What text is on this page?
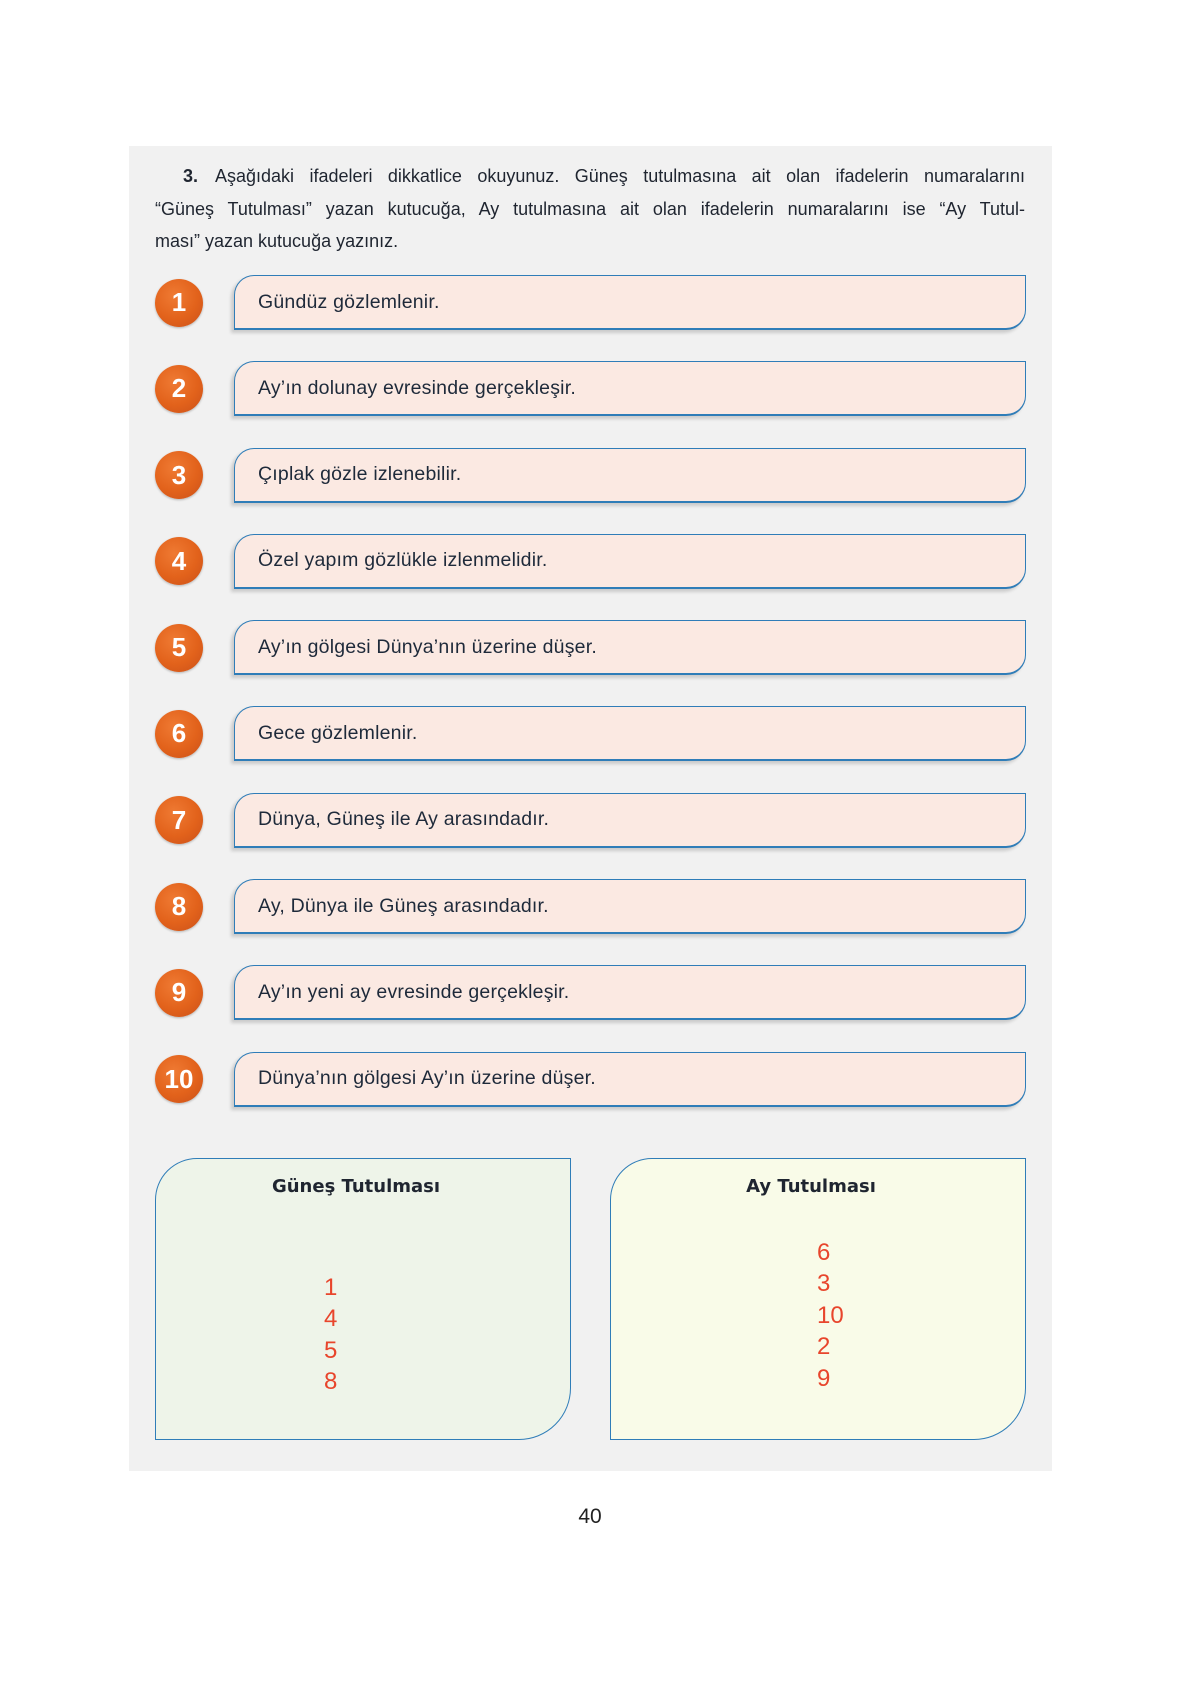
3. Aşağıdaki ifadeleri dikkatlice okuyunuz. Güneş tutulmasına ait olan ifadelerin numaralarını
“Güneş Tutulması” yazan kutucuğa, Ay tutulmasına ait olan ifadelerin numaralarını ise “Ay Tutul-
ması” yazan kutucuğa yazınız.
1	Gündüz gözlemlenir.
2	Ay’ın dolunay evresinde gerçekleşir.
3	Çıplak gözle izlenebilir.
4	Özel yapım gözlükle izlenmelidir.
5	Ay’ın gölgesi Dünya’nın üzerine düşer.
6	Gece gözlemlenir.
7	Dünya, Güneş ile Ay arasındadır.
8	Ay, Dünya ile Güneş arasındadır.
9	Ay’ın yeni ay evresinde gerçekleşir.
10	Dünya’nın gölgesi Ay’ın üzerine düşer.
Güneş Tutulması
1
4
5
8
Ay Tutulması
6
3
10
2
9
40
